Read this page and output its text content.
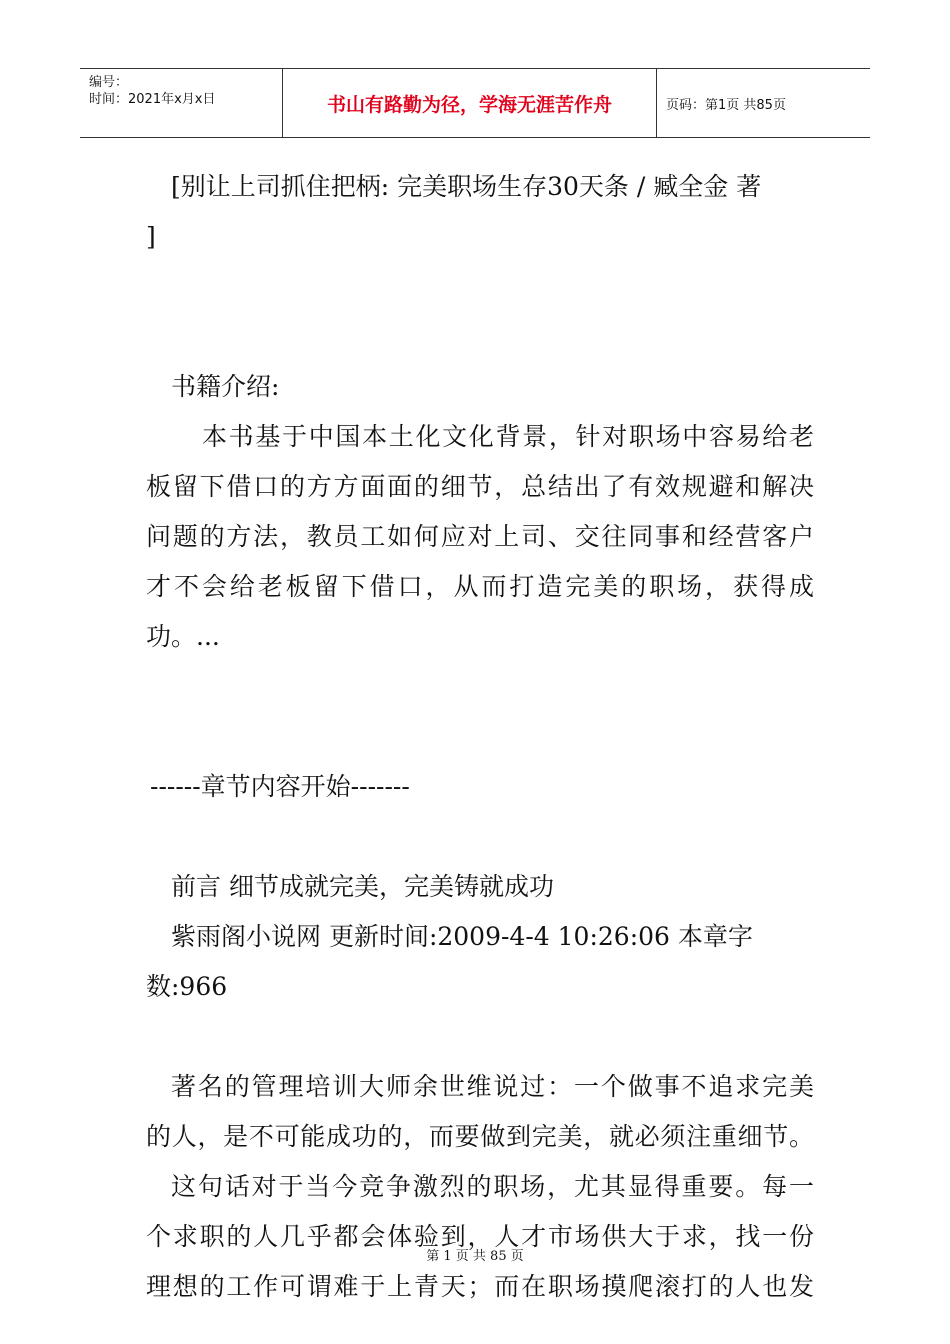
编号：
时间：2021年x月x日	书山有路勤为径，学海无涯苦作舟	页码：第1页 共85页

[别让上司抓住把柄: 完美职场生存30天条 / 臧全金 著

]

书籍介绍:

本书基于中国本土化文化背景，针对职场中容易给老

板留下借口的方方面面的细节，总结出了有效规避和解决

问题的方法，教员工如何应对上司、交往同事和经营客户

才不会给老板留下借口，从而打造完美的职场，获得成

功。...

------章节内容开始-------

前言 细节成就完美，完美铸就成功

紫雨阁小说网 更新时间:2009-4-4 10:26:06 本章字数:966

著名的管理培训大师余世维说过：一个做事不追求完美

的人，是不可能成功的，而要做到完美，就必须注重细节。

这句话对于当今竞争激烈的职场，尤其显得重要。每一

个求职的人几乎都会体验到，人才市场供大于求，找一份

理想的工作可谓难于上青天；而在职场摸爬滚打的人也发

第 1 页 共 85 页
